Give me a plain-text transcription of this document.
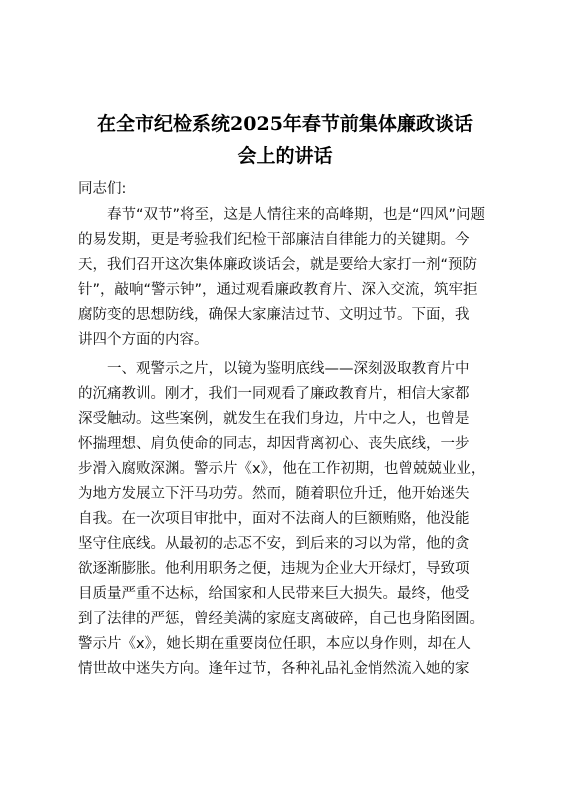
在全市纪检系统2025年春节前集体廉政谈话
会上的讲话

同志们:

　　春节“双节”将至，这是人情往来的高峰期，也是“四风”问题
的易发期，更是考验我们纪检干部廉洁自律能力的关键期。今
天，我们召开这次集体廉政谈话会，就是要给大家打一剂“预防
针”，敲响“警示钟”，通过观看廉政教育片、深入交流，筑牢拒
腐防变的思想防线，确保大家廉洁过节、文明过节。下面，我
讲四个方面的内容。
　　一、观警示之片，以镜为鉴明底线——深刻汲取教育片中
的沉痛教训。刚才，我们一同观看了廉政教育片，相信大家都
深受触动。这些案例，就发生在我们身边，片中之人，也曾是
怀揣理想、肩负使命的同志，却因背离初心、丧失底线，一步
步滑入腐败深渊。警示片《x》，他在工作初期，也曾兢兢业业，
为地方发展立下汗马功劳。然而，随着职位升迁，他开始迷失
自我。在一次项目审批中，面对不法商人的巨额贿赂，他没能
坚守住底线。从最初的忐忑不安，到后来的习以为常，他的贪
欲逐渐膨胀。他利用职务之便，违规为企业大开绿灯，导致项
目质量严重不达标，给国家和人民带来巨大损失。最终，他受
到了法律的严惩，曾经美满的家庭支离破碎，自己也身陷囹圄。
警示片《x》，她长期在重要岗位任职，本应以身作则，却在人
情世故中迷失方向。逢年过节，各种礼品礼金悄然流入她的家
